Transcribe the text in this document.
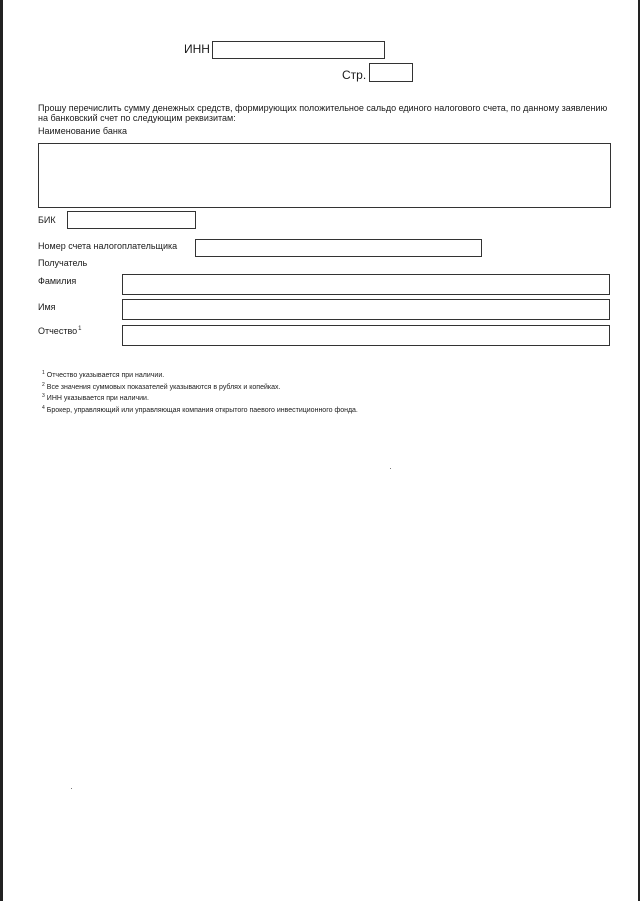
ИНН
Стр.
Прошу перечислить сумму денежных средств, формирующих положительное сальдо единого налогового счета, по данному заявлению на банковский счет по следующим реквизитам:
Наименование банка
БИК
Номер счета налогоплательщика
Получатель
Фамилия
Имя
Отчество$^1$
$^1$ Отчество указывается при наличии.
$^2$ Все значения суммовых показателей указываются в рублях и копейках.
$^3$ ИНН указывается при наличии.
$^4$ Брокер, управляющий или управляющая компания открытого паевого инвестиционного фонда.
